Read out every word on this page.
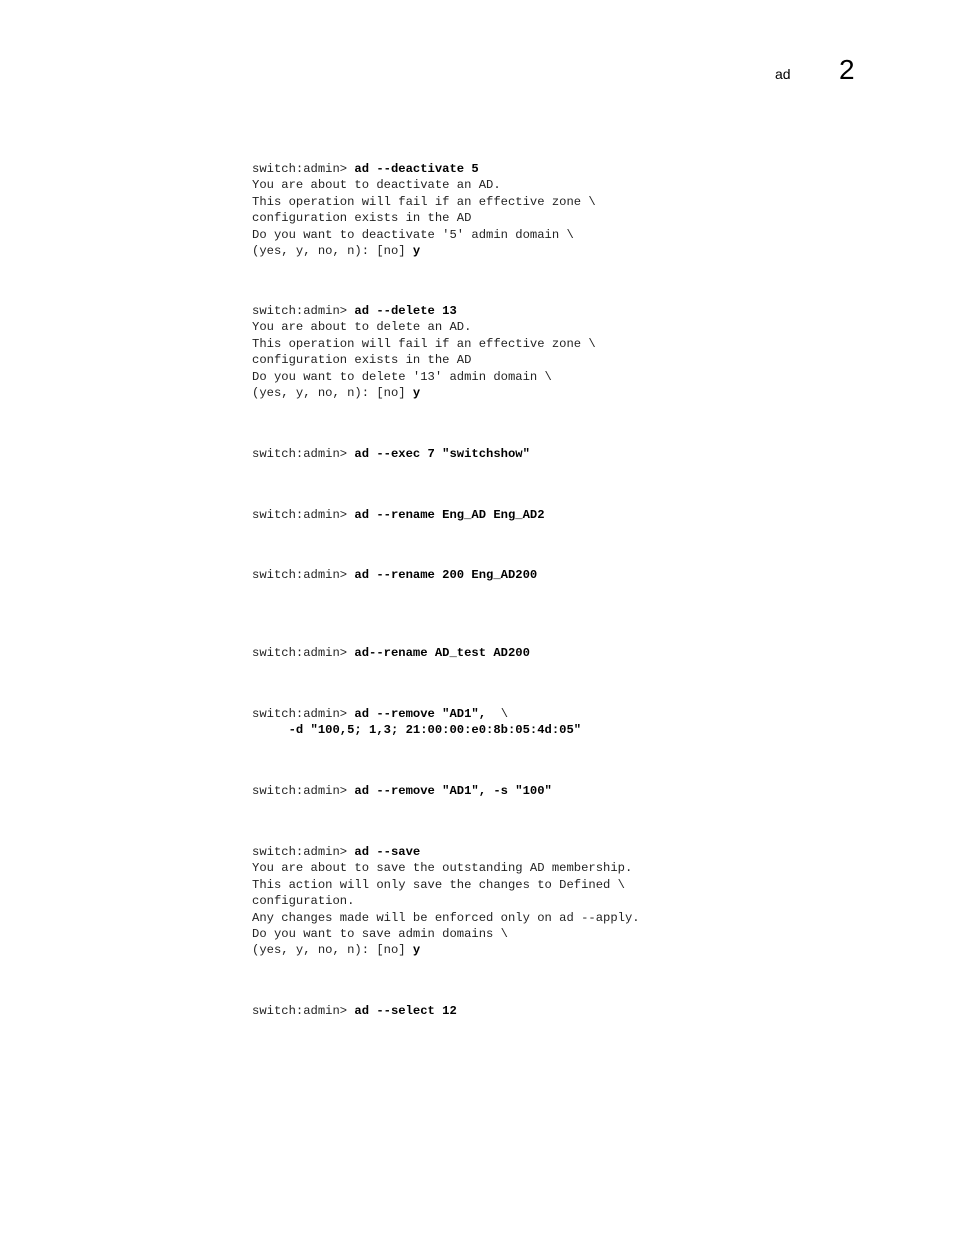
ad 2
switch:admin> ad --deactivate 5
You are about to deactivate an AD.
This operation will fail if an effective zone \
configuration exists in the AD
Do you want to deactivate '5' admin domain \
(yes, y, no, n): [no] y
switch:admin> ad --delete 13
You are about to delete an AD.
This operation will fail if an effective zone \
configuration exists in the AD
Do you want to delete '13' admin domain \
(yes, y, no, n): [no] y
switch:admin> ad --exec 7 "switchshow"
switch:admin> ad --rename Eng_AD Eng_AD2
switch:admin> ad --rename 200 Eng_AD200
switch:admin> ad--rename AD_test AD200
switch:admin> ad --remove "AD1",  \
-d "100,5; 1,3; 21:00:00:e0:8b:05:4d:05"
switch:admin> ad --remove "AD1", -s "100"
switch:admin> ad --save
You are about to save the outstanding AD membership.
This action will only save the changes to Defined \
configuration.
Any changes made will be enforced only on ad --apply.
Do you want to save admin domains \
(yes, y, no, n): [no] y
switch:admin> ad --select 12
